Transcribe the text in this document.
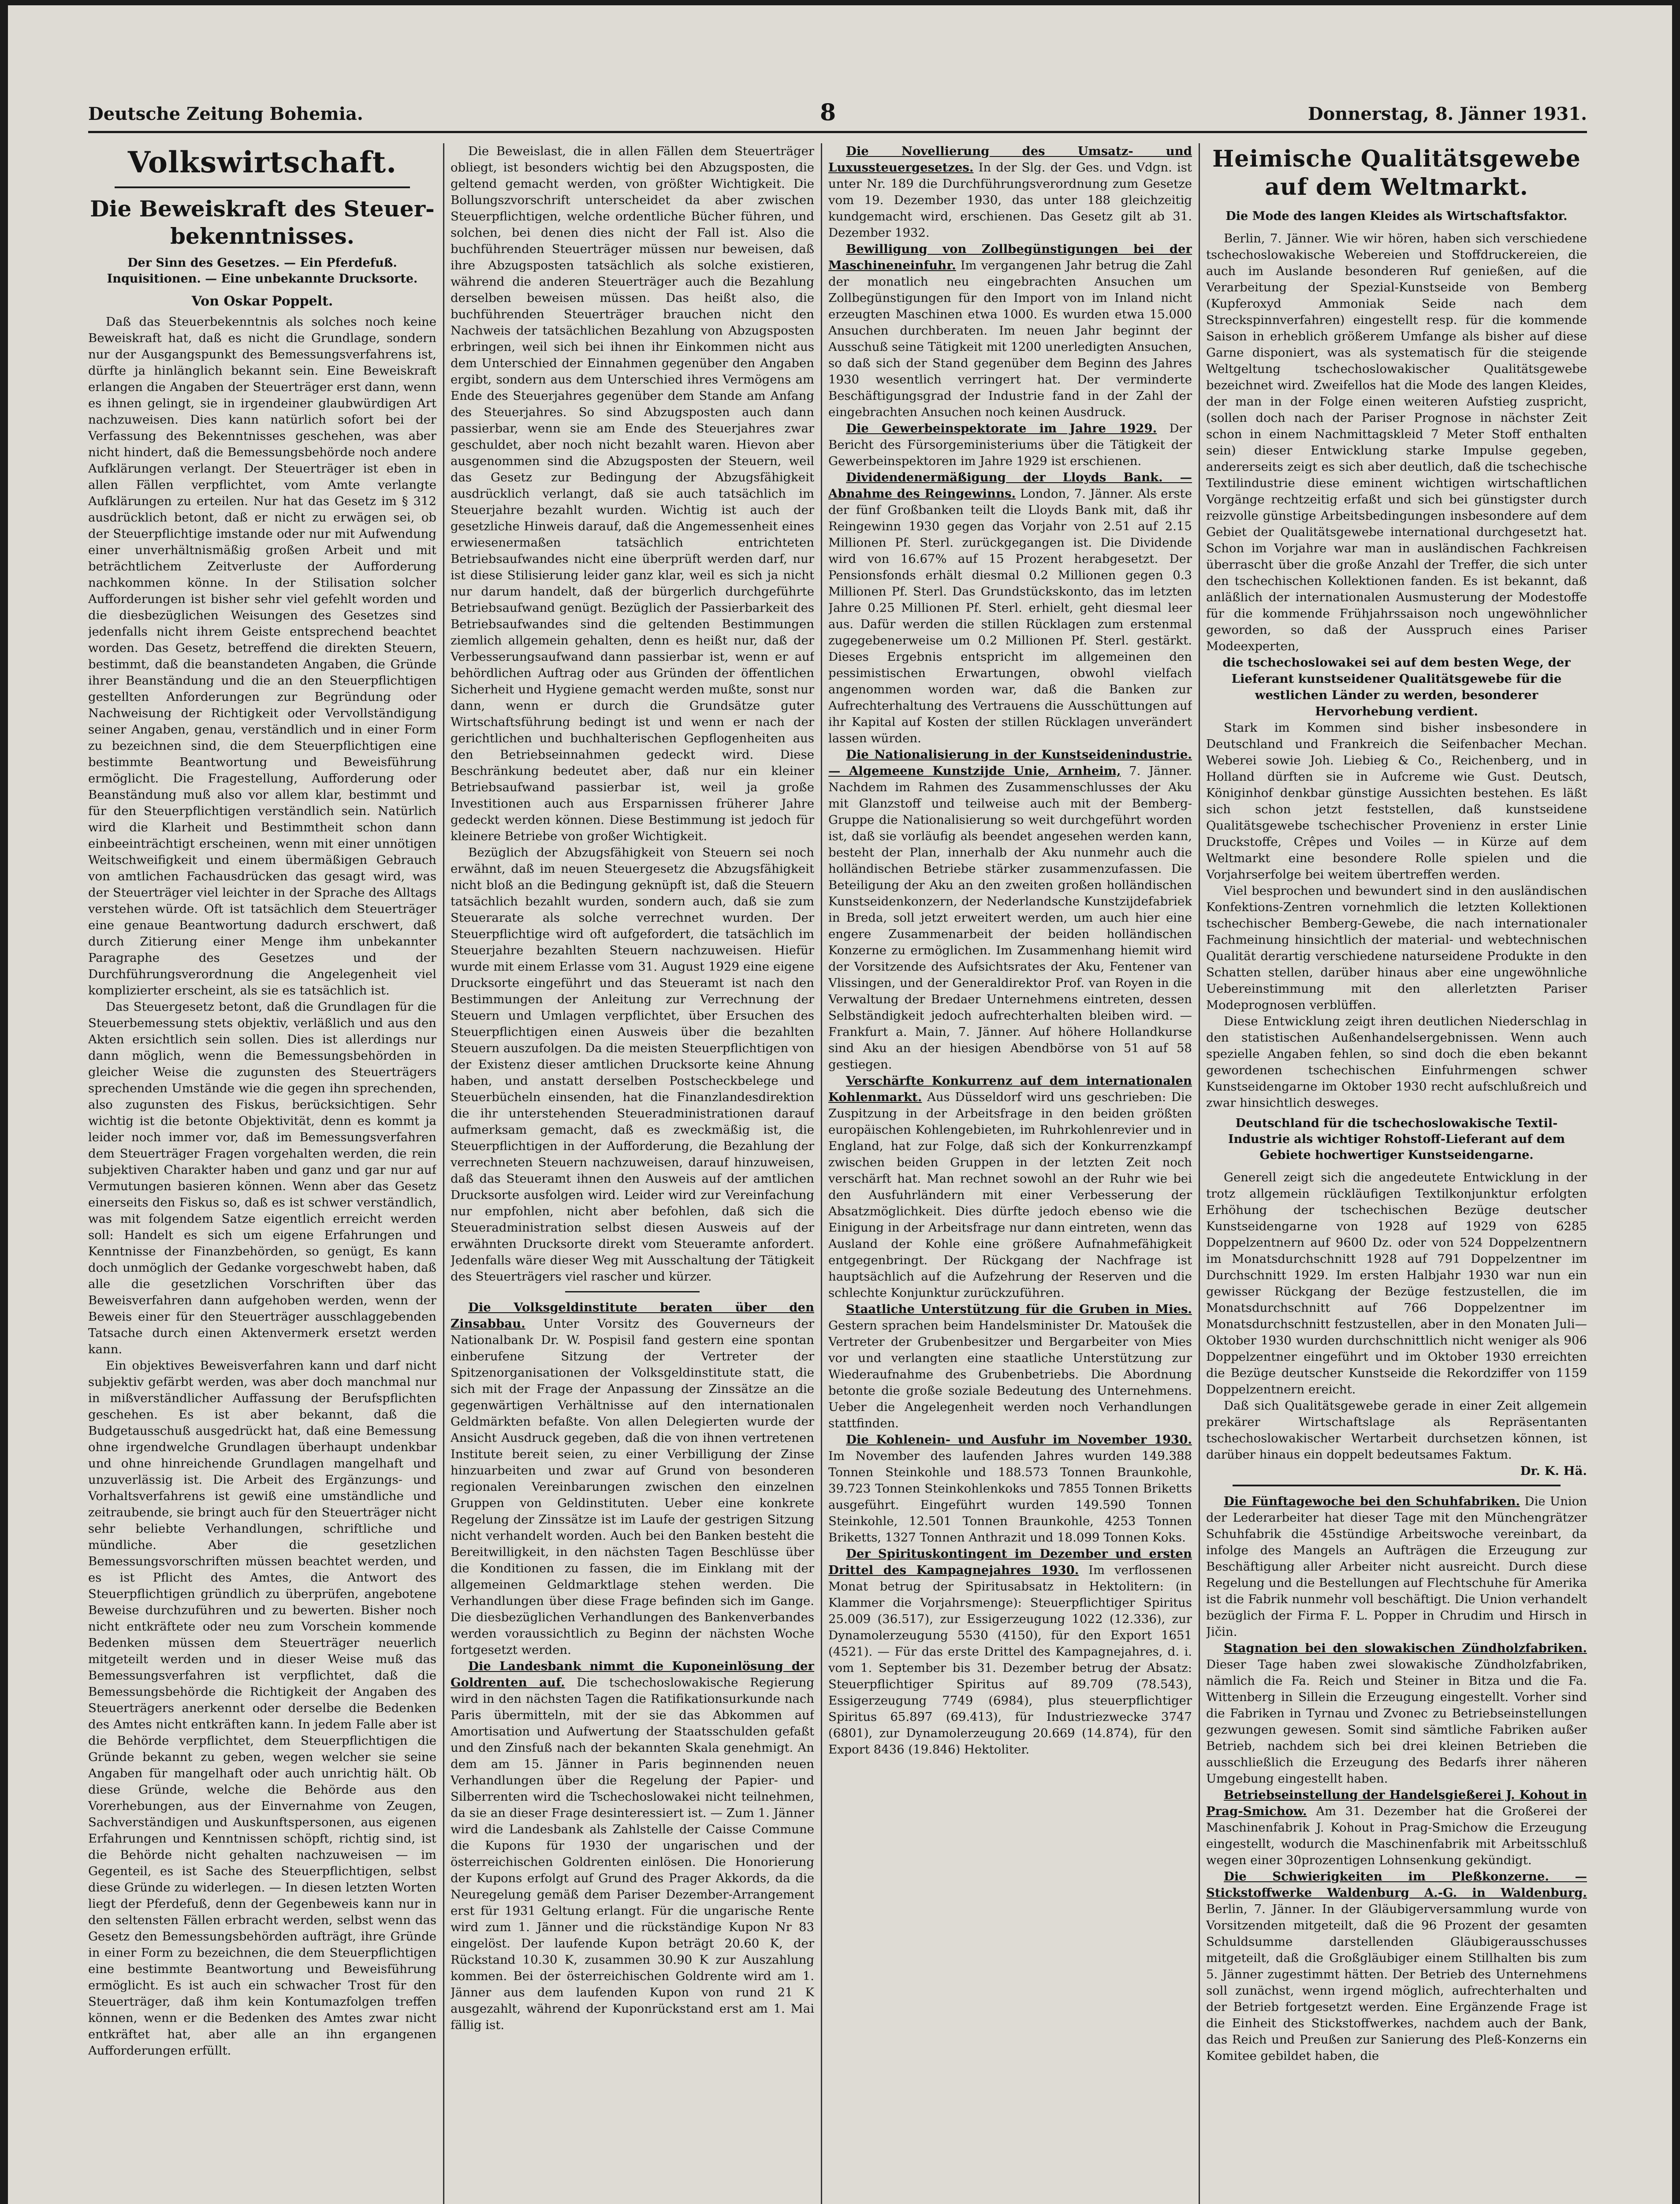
Deutsche Zeitung Bohemia.	8	Donnerstag, 8. Jänner 1931.
Volkswirtschaft.
Die Beweiskraft des Steuer-bekenntnisses.
Der Sinn des Gesetzes. — Ein Pferdefuß. Inquisitionen. — Eine unbekannte Drucksorte.
Von Oskar Poppelt.

Daß das Steuerbekenntnis als solches noch keine Beweiskraft hat, daß es nicht die Grundlage, sondern nur der Ausgangspunkt des Bemessungsverfahrens ist, dürfte ja hinlänglich bekannt sein. Eine Beweiskraft erlangen die Angaben der Steuerträger erst dann, wenn es ihnen gelingt, sie in irgendeiner glaubwürdigen Art nachzuweisen. Dies kann natürlich sofort bei der Verfassung des Bekenntnisses geschehen, was aber nicht hindert, daß die Bemessungsbehörde noch andere Aufklärungen verlangt. Der Steuerträger ist eben in allen Fällen verpflichtet, vom Amte verlangte Aufklärungen zu erteilen. Nur hat das Gesetz im § 312 ausdrücklich betont, daß er nicht zu erwägen sei, ob der Steuerpflichtige imstande oder nur mit Aufwendung einer unverhältnismäßig großen Arbeit und mit beträchtlichem Zeitverluste der Aufforderung nachkommen könne. In der Stilisation solcher Aufforderungen ist bisher sehr viel gefehlt worden und die diesbezüglichen Weisungen des Gesetzes sind jedenfalls nicht ihrem Geiste entsprechend beachtet worden. Das Gesetz, betreffend die direkten Steuern, bestimmt, daß die beanstandeten Angaben, die Gründe ihrer Beanständung und die an den Steuerpflichtigen gestellten Anforderungen zur Begründung oder Nachweisung der Richtigkeit oder Vervollständigung seiner Angaben, genau, verständlich und in einer Form zu bezeichnen sind, die dem Steuerpflichtigen eine bestimmte Beantwortung und Beweisführung ermöglicht. Die Fragestellung, Aufforderung oder Beanständung muß also vor allem klar, bestimmt und für den Steuerpflichtigen verständlich sein. Natürlich wird die Klarheit und Bestimmtheit schon dann einbeeinträchtigt erscheinen, wenn mit einer unnötigen Weitschweifigkeit und einem übermäßigen Gebrauch von amtlichen Fachausdrücken das gesagt wird, was der Steuerträger viel leichter in der Sprache des Alltags verstehen würde. Oft ist tatsächlich dem Steuerträger eine genaue Beantwortung dadurch erschwert, daß durch Zitierung einer Menge ihm unbekannter Paragraphe des Gesetzes und der Durchführungsverordnung die Angelegenheit viel komplizierter erscheint, als sie es tatsächlich ist.

Das Steuergesetz betont, daß die Grundlagen für die Steuerbemessung stets objektiv, verläßlich und aus den Akten ersichtlich sein sollen. Dies ist allerdings nur dann möglich, wenn die Bemessungsbehörden in gleicher Weise die zugunsten des Steuerträgers sprechenden Umstände wie die gegen ihn sprechenden, also zugunsten des Fiskus, berücksichtigen. Sehr wichtig ist die betonte Objektivität, denn es kommt ja leider noch immer vor, daß im Bemessungsverfahren dem Steuerträger Fragen vorgehalten werden, die rein subjektiven Charakter haben und ganz und gar nur auf Vermutungen basieren können. Wenn aber das Gesetz einerseits den Fiskus so, daß es ist schwer verständlich, was mit folgendem Satze eigentlich erreicht werden soll: Handelt es sich um eigene Erfahrungen und Kenntnisse der Finanzbehörden, so genügt, Es kann doch unmöglich der Gedanke vorgeschwebt haben, daß alle die gesetzlichen Vorschriften über das Beweisverfahren dann aufgehoben werden, wenn der Beweis einer für den Steuerträger ausschlaggebenden Tatsache durch einen Aktenvermerk ersetzt werden kann.

Ein objektives Beweisverfahren kann und darf nicht subjektiv gefärbt werden, was aber doch manchmal nur in mißverständlicher Auffassung der Berufspflichten geschehen. Es ist aber bekannt, daß die Budgetausschuß ausgedrückt hat, daß eine Bemessung ohne irgendwelche Grundlagen überhaupt undenkbar und ohne hinreichende Grundlagen mangelhaft und unzuverlässig ist. Die Arbeit des Ergänzungs- und Vorhaltsverfahrens ist gewiß eine umständliche und zeitraubende, sie bringt auch für den Steuerträger nicht sehr beliebte Verhandlungen, schriftliche und mündliche. Aber die gesetzlichen Bemessungsvorschriften müssen beachtet werden, und es ist Pflicht des Amtes, die Antwort des Steuerpflichtigen gründlich zu überprüfen, angebotene Beweise durchzuführen und zu bewerten. Bisher noch nicht entkräftete oder neu zum Vorschein kommende Bedenken müssen dem Steuerträger neuerlich mitgeteilt werden und in dieser Weise muß das Bemessungsverfahren ist verpflichtet, daß die Bemessungsbehörde die Richtigkeit der Angaben des Steuerträgers anerkennt oder derselbe die Bedenken des Amtes nicht entkräften kann. In jedem Falle aber ist die Behörde verpflichtet, dem Steuerpflichtigen die Gründe bekannt zu geben, wegen welcher sie seine Angaben für mangelhaft oder auch unrichtig hält. Ob diese Gründe, welche die Behörde aus den Vorerhebungen, aus der Einvernahme von Zeugen, Sachverständigen und Auskunftspersonen, aus eigenen Erfahrungen und Kenntnissen schöpft, richtig sind, ist die Behörde nicht gehalten nachzuweisen — im Gegenteil, es ist Sache des Steuerpflichtigen, selbst diese Gründe zu widerlegen. — In diesen letzten Worten liegt der Pferdefuß, denn der Gegenbeweis kann nur in den seltensten Fällen erbracht werden, selbst wenn das Gesetz den Bemessungsbehörden aufträgt, ihre Gründe in einer Form zu bezeichnen, die dem Steuerpflichtigen eine bestimmte Beantwortung und Beweisführung ermöglicht. Es ist auch ein schwacher Trost für den Steuerträger, daß ihm kein Kontumazfolgen treffen können, wenn er die Bedenken des Amtes zwar nicht entkräftet hat, aber alle an ihn ergangenen Aufforderungen erfüllt.

Die Beweislast, die in allen Fällen dem Steuerträger obliegt, ist besonders wichtig bei den Abzugsposten, die geltend gemacht werden, von größter Wichtigkeit. Die Bollungszvorschrift unterscheidet da aber zwischen Steuerpflichtigen, welche ordentliche Bücher führen, und solchen, bei denen dies nicht der Fall ist. Also die buchführenden Steuerträger müssen nur beweisen, daß ihre Abzugsposten tatsächlich als solche existieren, während die anderen Steuerträger auch die Bezahlung derselben beweisen müssen. Das heißt also, die buchführenden Steuerträger brauchen nicht den Nachweis der tatsächlichen Bezahlung von Abzugsposten erbringen, weil sich bei ihnen ihr Einkommen nicht aus dem Unterschied der Einnahmen gegenüber den Angaben ergibt, sondern aus dem Unterschied ihres Vermögens am Ende des Steuerjahres gegenüber dem Stande am Anfang des Steuerjahres. So sind Abzugsposten auch dann passierbar, wenn sie am Ende des Steuerjahres zwar geschuldet, aber noch nicht bezahlt waren. Hievon aber ausgenommen sind die Abzugsposten der Steuern, weil das Gesetz zur Bedingung der Abzugsfähigkeit ausdrücklich verlangt, daß sie auch tatsächlich im Steuerjahre bezahlt wurden. Wichtig ist auch der gesetzliche Hinweis darauf, daß die Angemessenheit eines erwiesenermaßen tatsächlich entrichteten Betriebsaufwandes nicht eine überprüft werden darf, nur ist diese Stilisierung leider ganz klar, weil es sich ja nicht nur darum handelt, daß der bürgerlich durchgeführte Betriebsaufwand genügt. Bezüglich der Passierbarkeit des Betriebsaufwandes sind die geltenden Bestimmungen ziemlich allgemein gehalten, denn es heißt nur, daß der Verbesserungsaufwand dann passierbar ist, wenn er auf behördlichen Auftrag oder aus Gründen der öffentlichen Sicherheit und Hygiene gemacht werden mußte, sonst nur dann, wenn er durch die Grundsätze guter Wirtschaftsführung bedingt ist und wenn er nach der gerichtlichen und buchhalterischen Gepflogenheiten aus den Betriebseinnahmen gedeckt wird. Diese Beschränkung bedeutet aber, daß nur ein kleiner Betriebsaufwand passierbar ist, weil ja große Investitionen auch aus Ersparnissen früherer Jahre gedeckt werden können. Diese Bestimmung ist jedoch für kleinere Betriebe von großer Wichtigkeit.

Bezüglich der Abzugsfähigkeit von Steuern sei noch erwähnt, daß im neuen Steuergesetz die Abzugsfähigkeit nicht bloß an die Bedingung geknüpft ist, daß die Steuern tatsächlich bezahlt wurden, sondern auch, daß sie zum Steuerarate als solche verrechnet wurden. Der Steuerpflichtige wird oft aufgefordert, die tatsächlich im Steuerjahre bezahlten Steuern nachzuweisen. Hiefür wurde mit einem Erlasse vom 31. August 1929 eine eigene Drucksorte eingeführt und das Steueramt ist nach den Bestimmungen der Anleitung zur Verrechnung der Steuern und Umlagen verpflichtet, über Ersuchen des Steuerpflichtigen einen Ausweis über die bezahlten Steuern auszufolgen. Da die meisten Steuerpflichtigen von der Existenz dieser amtlichen Drucksorte keine Ahnung haben, und anstatt derselben Postscheckbelege und Steuerbücheln einsenden, hat die Finanzlandesdirektion die ihr unterstehenden Steueradministrationen darauf aufmerksam gemacht, daß es zweckmäßig ist, die Steuerpflichtigen in der Aufforderung, die Bezahlung der verrechneten Steuern nachzuweisen, darauf hinzuweisen, daß das Steueramt ihnen den Ausweis auf der amtlichen Drucksorte ausfolgen wird. Leider wird zur Vereinfachung nur empfohlen, nicht aber befohlen, daß sich die Steueradministration selbst diesen Ausweis auf der erwähnten Drucksorte direkt vom Steueramte anfordert. Jedenfalls wäre dieser Weg mit Ausschaltung der Tätigkeit des Steuerträgers viel rascher und kürzer.

Die Volksgeldinstitute beraten über den Zinsabbau. Unter Vorsitz des Gouverneurs der Nationalbank Dr. W. Pospisil fand gestern eine spontan einberufene Sitzung der Vertreter der Spitzenorganisationen der Volksgeldinstitute statt, die sich mit der Frage der Anpassung der Zinssätze an die gegenwärtigen Verhältnisse auf den internationalen Geldmärkten befaßte. Von allen Delegierten wurde der Ansicht Ausdruck gegeben, daß die von ihnen vertretenen Institute bereit seien, zu einer Verbilligung der Zinse hinzuarbeiten und zwar auf Grund von besonderen regionalen Vereinbarungen zwischen den einzelnen Gruppen von Geldinstituten. Ueber eine konkrete Regelung der Zinssätze ist im Laufe der gestrigen Sitzung nicht verhandelt worden. Auch bei den Banken besteht die Bereitwilligkeit, in den nächsten Tagen Beschlüsse über die Konditionen zu fassen, die im Einklang mit der allgemeinen Geldmarktlage stehen werden. Die Verhandlungen über diese Frage befinden sich im Gange. Die diesbezüglichen Verhandlungen des Bankenverbandes werden voraussichtlich zu Beginn der nächsten Woche fortgesetzt werden.

Die Landesbank nimmt die Kuponeinlösung der Goldrenten auf. Die tschechoslowakische Regierung wird in den nächsten Tagen die Ratifikationsurkunde nach Paris übermitteln, mit der sie das Abkommen auf Amortisation und Aufwertung der Staatsschulden gefaßt und den Zinsfuß nach der bekannten Skala genehmigt. An dem am 15. Jänner in Paris beginnenden neuen Verhandlungen über die Regelung der Papier- und Silberrenten wird die Tschechoslowakei nicht teilnehmen, da sie an dieser Frage desinteressiert ist. — Zum 1. Jänner wird die Landesbank als Zahlstelle der Caisse Commune die Kupons für 1930 der ungarischen und der österreichischen Goldrenten einlösen. Die Honorierung der Kupons erfolgt auf Grund des Prager Akkords, da die Neuregelung gemäß dem Pariser Dezember-Arrangement erst für 1931 Geltung erlangt. Für die ungarische Rente wird zum 1. Jänner und die rückständige Kupon Nr 83 eingelöst. Der laufende Kupon beträgt 20.60 K, der Rückstand 10.30 K, zusammen 30.90 K zur Auszahlung kommen. Bei der österreichischen Goldrente wird am 1. Jänner aus dem laufenden Kupon von rund 21 K ausgezahlt, während der Kuponrückstand erst am 1. Mai fällig ist.

Die Novellierung des Umsatz- und Luxussteuergesetzes. In der Slg. der Ges. und Vdgn. ist unter Nr. 189 die Durchführungsverordnung zum Gesetze vom 19. Dezember 1930, das unter 188 gleichzeitig kundgemacht wird, erschienen. Das Gesetz gilt ab 31. Dezember 1932.

Bewilligung von Zollbegünstigungen bei der Maschineneinfuhr. Im vergangenen Jahr betrug die Zahl der monatlich neu eingebrachten Ansuchen um Zollbegünstigungen für den Import von im Inland nicht erzeugten Maschinen etwa 1000. Es wurden etwa 15.000 Ansuchen durchberaten. Im neuen Jahr beginnt der Ausschuß seine Tätigkeit mit 1200 unerledigten Ansuchen, so daß sich der Stand gegenüber dem Beginn des Jahres 1930 wesentlich verringert hat. Der verminderte Beschäftigungsgrad der Industrie fand in der Zahl der eingebrachten Ansuchen noch keinen Ausdruck.

Die Gewerbeinspektorate im Jahre 1929. Der Bericht des Fürsorgeministeriums über die Tätigkeit der Gewerbeinspektoren im Jahre 1929 ist erschienen.

Dividendenermäßigung der Lloyds Bank. — Abnahme des Reingewinns. London, 7. Jänner. Als erste der fünf Großbanken teilt die Lloyds Bank mit, daß ihr Reingewinn 1930 gegen das Vorjahr von 2.51 auf 2.15 Millionen Pf. Sterl. zurückgegangen ist. Die Dividende wird von 16.67% auf 15 Prozent herabgesetzt. Der Pensionsfonds erhält diesmal 0.2 Millionen gegen 0.3 Millionen Pf. Sterl. Das Grundstückskonto, das im letzten Jahre 0.25 Millionen Pf. Sterl. erhielt, geht diesmal leer aus. Dafür werden die stillen Rücklagen zum erstenmal zugegebenerweise um 0.2 Millionen Pf. Sterl. gestärkt. Dieses Ergebnis entspricht im allgemeinen den pessimistischen Erwartungen, obwohl vielfach angenommen worden war, daß die Banken zur Aufrechterhaltung des Vertrauens die Ausschüttungen auf ihr Kapital auf Kosten der stillen Rücklagen unverändert lassen würden.

Die Nationalisierung in der Kunstseidenindustrie. — Algemeene Kunstzijde Unie, Arnheim, 7. Jänner. Nachdem im Rahmen des Zusammenschlusses der Aku mit Glanzstoff und teilweise auch mit der Bemberg-Gruppe die Nationalisierung so weit durchgeführt worden ist, daß sie vorläufig als beendet angesehen werden kann, besteht der Plan, innerhalb der Aku nunmehr auch die holländischen Betriebe stärker zusammenzufassen. Die Beteiligung der Aku an den zweiten großen holländischen Kunstseidenkonzern, der Nederlandsche Kunstzijdefabriek in Breda, soll jetzt erweitert werden, um auch hier eine engere Zusammenarbeit der beiden holländischen Konzerne zu ermöglichen. Im Zusammenhang hiemit wird der Vorsitzende des Aufsichtsrates der Aku, Fentener van Vlissingen, und der Generaldirektor Prof. van Royen in die Verwaltung der Bredaer Unternehmens eintreten, dessen Selbständigkeit jedoch aufrechterhalten bleiben wird. — Frankfurt a. Main, 7. Jänner. Auf höhere Hollandkurse sind Aku an der hiesigen Abendbörse von 51 auf 58 gestiegen.

Verschärfte Konkurrenz auf dem internationalen Kohlenmarkt. Aus Düsseldorf wird uns geschrieben: Die Zuspitzung in der Arbeitsfrage in den beiden größten europäischen Kohlengebieten, im Ruhrkohlenrevier und in England, hat zur Folge, daß sich der Konkurrenzkampf zwischen beiden Gruppen in der letzten Zeit noch verschärft hat. Man rechnet sowohl an der Ruhr wie bei den Ausfuhrländern mit einer Verbesserung der Absatzmöglichkeit. Dies dürfte jedoch ebenso wie die Einigung in der Arbeitsfrage nur dann eintreten, wenn das Ausland der Kohle eine größere Aufnahmefähigkeit entgegenbringt. Der Rückgang der Nachfrage ist hauptsächlich auf die Aufzehrung der Reserven und die schlechte Konjunktur zurückzuführen.

Staatliche Unterstützung für die Gruben in Mies. Gestern sprachen beim Handelsminister Dr. Matoušek die Vertreter der Grubenbesitzer und Bergarbeiter von Mies vor und verlangten eine staatliche Unterstützung zur Wiederaufnahme des Grubenbetriebs. Die Abordnung betonte die große soziale Bedeutung des Unternehmens. Ueber die Angelegenheit werden noch Verhandlungen stattfinden.

Die Kohlenein- und Ausfuhr im November 1930. Im November des laufenden Jahres wurden 149.388 Tonnen Steinkohle und 188.573 Tonnen Braunkohle, 39.723 Tonnen Steinkohlenkoks und 7855 Tonnen Briketts ausgeführt. Eingeführt wurden 149.590 Tonnen Steinkohle, 12.501 Tonnen Braunkohle, 4253 Tonnen Briketts, 1327 Tonnen Anthrazit und 18.099 Tonnen Koks.

Der Spirituskontingent im Dezember und ersten Drittel des Kampagnejahres 1930. Im verflossenen Monat betrug der Spiritusabsatz in Hektolitern: (in Klammer die Vorjahrsmenge): Steuerpflichtiger Spiritus 25.009 (36.517), zur Essigerzeugung 1022 (12.336), zur Dynamolerzeugung 5530 (4150), für den Export 1651 (4521). — Für das erste Drittel des Kampagnejahres, d. i. vom 1. September bis 31. Dezember betrug der Absatz: Steuerpflichtiger Spiritus auf 89.709 (78.543), Essigerzeugung 7749 (6984), plus steuerpflichtiger Spiritus 65.897 (69.413), für Industriezwecke 3747 (6801), zur Dynamolerzeugung 20.669 (14.874), für den Export 8436 (19.846) Hektoliter.

Heimische Qualitätsgewebe auf dem Weltmarkt.
Die Mode des langen Kleides als Wirtschaftsfaktor.

Berlin, 7. Jänner. Wie wir hören, haben sich verschiedene tschechoslowakische Webereien und Stoffdruckereien, die auch im Auslande besonderen Ruf genießen, auf die Verarbeitung der Spezial-Kunstseide von Bemberg (Kupferoxyd Ammoniak Seide nach dem Streckspinnverfahren) eingestellt resp. für die kommende Saison in erheblich größerem Umfange als bisher auf diese Garne disponiert, was als systematisch für die steigende Weltgeltung tschechoslowakischer Qualitätsgewebe bezeichnet wird. Zweifellos hat die Mode des langen Kleides, der man in der Folge einen weiteren Aufstieg zuspricht, (sollen doch nach der Pariser Prognose in nächster Zeit schon in einem Nachmittagskleid 7 Meter Stoff enthalten sein) dieser Entwicklung starke Impulse gegeben, andererseits zeigt es sich aber deutlich, daß die tschechische Textilindustrie diese eminent wichtigen wirtschaftlichen Vorgänge rechtzeitig erfaßt und sich bei günstigster durch reizvolle günstige Arbeitsbedingungen insbesondere auf dem Gebiet der Qualitätsgewebe international durchgesetzt hat. Schon im Vorjahre war man in ausländischen Fachkreisen überrascht über die große Anzahl der Treffer, die sich unter den tschechischen Kollektionen fanden. Es ist bekannt, daß anläßlich der internationalen Ausmusterung der Modestoffe für die kommende Frühjahrssaison noch ungewöhnlicher geworden, so daß der Ausspruch eines Pariser Modeexperten,

die tschechoslowakei sei auf dem besten Wege, der Lieferant kunstseidener Qualitätsgewebe für die westlichen Länder zu werden, besonderer Hervorhebung verdient.

Stark im Kommen sind bisher insbesondere in Deutschland und Frankreich die Seifenbacher Mechan. Weberei sowie Joh. Liebieg & Co., Reichenberg, und in Holland dürften sie in Aufcreme wie Gust. Deutsch, Königinhof denkbar günstige Aussichten bestehen. Es läßt sich schon jetzt feststellen, daß kunstseidene Qualitätsgewebe tschechischer Provenienz in erster Linie Druckstoffe, Crêpes und Voiles — in Kürze auf dem Weltmarkt eine besondere Rolle spielen und die Vorjahrserfolge bei weitem übertreffen werden.

Viel besprochen und bewundert sind in den ausländischen Konfektions-Zentren vornehmlich die letzten Kollektionen tschechischer Bemberg-Gewebe, die nach internationaler Fachmeinung hinsichtlich der material- und webtechnischen Qualität derartig verschiedene naturseidene Produkte in den Schatten stellen, darüber hinaus aber eine ungewöhnliche Uebereinstimmung mit den allerletzten Pariser Modeprognosen verblüffen.

Diese Entwicklung zeigt ihren deutlichen Niederschlag in den statistischen Außenhandelsergebnissen. Wenn auch spezielle Angaben fehlen, so sind doch die eben bekannt gewordenen tschechischen Einfuhrmengen schwer Kunstseidengarne im Oktober 1930 recht aufschlußreich und zwar hinsichtlich desweges.

Deutschland für die tschechoslowakische Textil-Industrie als wichtiger Rohstoff-Lieferant auf dem Gebiete hochwertiger Kunstseidengarne.

Generell zeigt sich die angedeutete Entwicklung in der trotz allgemein rückläufigen Textilkonjunktur erfolgten Erhöhung der tschechischen Bezüge deutscher Kunstseidengarne von 1928 auf 1929 von 6285 Doppelzentnern auf 9600 Dz. oder von 524 Doppelzentnern im Monatsdurchschnitt 1928 auf 791 Doppelzentner im Durchschnitt 1929. Im ersten Halbjahr 1930 war nun ein gewisser Rückgang der Bezüge festzustellen, die im Monatsdurchschnitt auf 766 Doppelzentner im Monatsdurchschnitt festzustellen, aber in den Monaten Juli—Oktober 1930 wurden durchschnittlich nicht weniger als 906 Doppelzentner eingeführt und im Oktober 1930 erreichten die Bezüge deutscher Kunstseide die Rekordziffer von 1159 Doppelzentnern ereicht.

Daß sich Qualitätsgewebe gerade in einer Zeit allgemein prekärer Wirtschaftslage als Repräsentanten tschechoslowakischer Wertarbeit durchsetzen können, ist darüber hinaus ein doppelt bedeutsames Faktum.

Dr. K. Hä.

Die Fünftagewoche bei den Schuhfabriken. Die Union der Lederarbeiter hat dieser Tage mit den Münchengrätzer Schuhfabrik die 45stündige Arbeitswoche vereinbart, da infolge des Mangels an Aufträgen die Erzeugung zur Beschäftigung aller Arbeiter nicht ausreicht. Durch diese Regelung und die Bestellungen auf Flechtschuhe für Amerika ist die Fabrik nunmehr voll beschäftigt. Die Union verhandelt bezüglich der Firma F. L. Popper in Chrudim und Hirsch in Jičin.

Stagnation bei den slowakischen Zündholzfabriken. Dieser Tage haben zwei slowakische Zündholzfabriken, nämlich die Fa. Reich und Steiner in Bitza und die Fa. Wittenberg in Sillein die Erzeugung eingestellt. Vorher sind die Fabriken in Tyrnau und Zvonec zu Betriebseinstellungen gezwungen gewesen. Somit sind sämtliche Fabriken außer Betrieb, nachdem sich bei drei kleinen Betrieben die ausschließlich die Erzeugung des Bedarfs ihrer näheren Umgebung eingestellt haben.

Betriebseinstellung der Handelsgießerei J. Kohout in Prag-Smichow. Am 31. Dezember hat die Großerei der Maschinenfabrik J. Kohout in Prag-Smichow die Erzeugung eingestellt, wodurch die Maschinenfabrik mit Arbeitsschluß wegen einer 30prozentigen Lohnsenkung gekündigt.

Die Schwierigkeiten im Pleßkonzerne. — Stickstoffwerke Waldenburg A.-G. in Waldenburg. Berlin, 7. Jänner. In der Gläubigerversammlung wurde von Vorsitzenden mitgeteilt, daß die 96 Prozent der gesamten Schuldsumme darstellenden Gläubigerausschusses mitgeteilt, daß die Großgläubiger einem Stillhalten bis zum 5. Jänner zugestimmt hätten. Der Betrieb des Unternehmens soll zunächst, wenn irgend möglich, aufrechterhalten und der Betrieb fortgesetzt werden. Eine Ergänzende Frage ist die Einheit des Stickstoffwerkes, nachdem auch der Bank, das Reich und Preußen zur Sanierung des Pleß-Konzerns ein Komitee gebildet haben, die
